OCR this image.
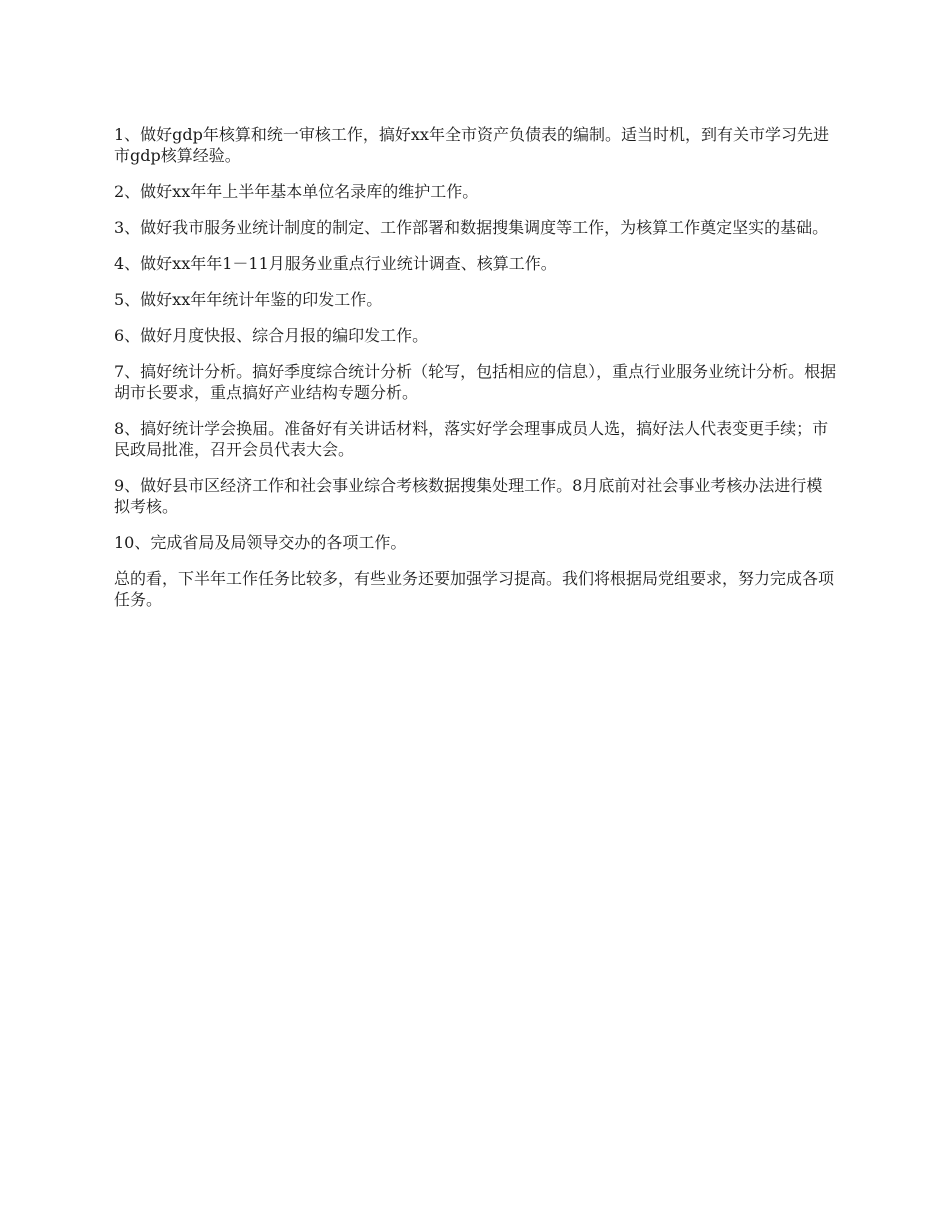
1、做好gdp年核算和统一审核工作，搞好xx年全市资产负债表的编制。适当时机，到有关市学习先进市gdp核算经验。

2、做好xx年年上半年基本单位名录库的维护工作。

3、做好我市服务业统计制度的制定、工作部署和数据搜集调度等工作，为核算工作奠定坚实的基础。

4、做好xx年年1－11月服务业重点行业统计调查、核算工作。

5、做好xx年年统计年鉴的印发工作。

6、做好月度快报、综合月报的编印发工作。

7、搞好统计分析。搞好季度综合统计分析（轮写，包括相应的信息），重点行业服务业统计分析。根据胡市长要求，重点搞好产业结构专题分析。

8、搞好统计学会换届。准备好有关讲话材料，落实好学会理事成员人选，搞好法人代表变更手续；市民政局批准，召开会员代表大会。

9、做好县市区经济工作和社会事业综合考核数据搜集处理工作。8月底前对社会事业考核办法进行模拟考核。

10、完成省局及局领导交办的各项工作。

总的看，下半年工作任务比较多，有些业务还要加强学习提高。我们将根据局党组要求，努力完成各项任务。
